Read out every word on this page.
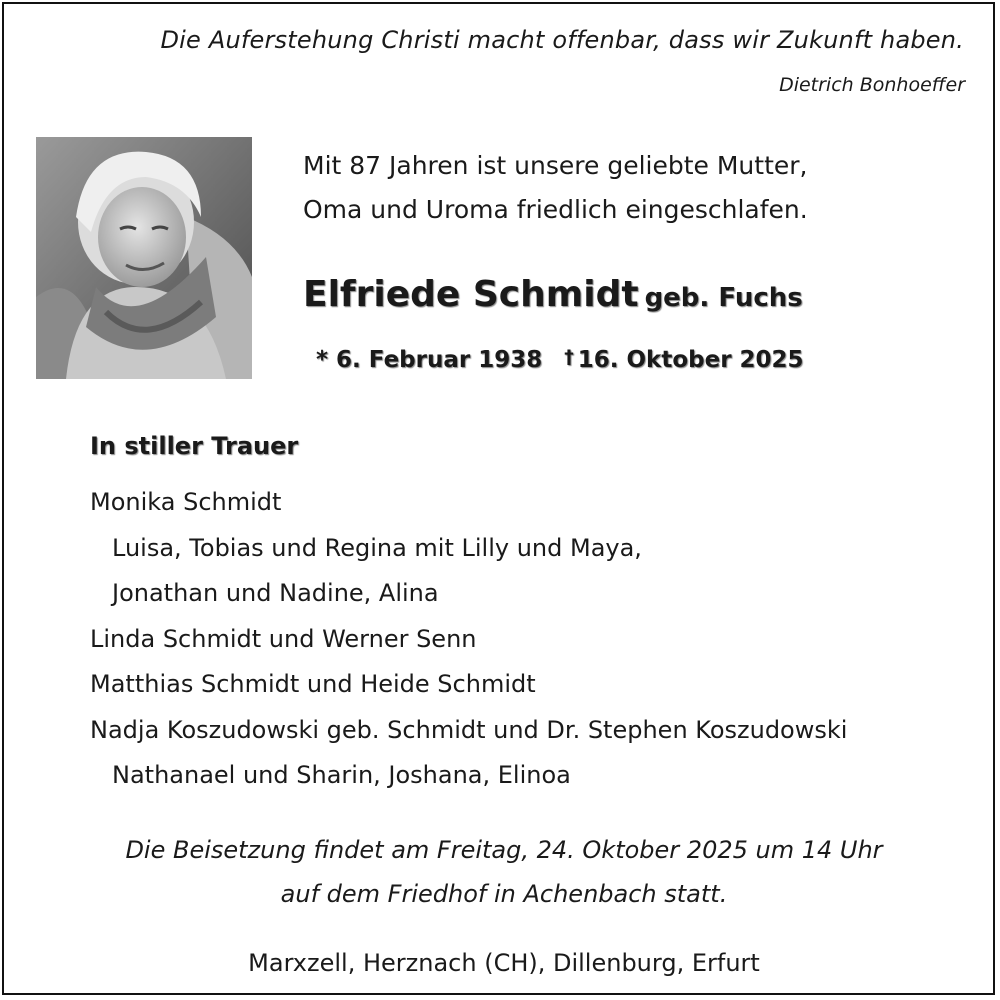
Die Auferstehung Christi macht offenbar, dass wir Zukunft haben.
Dietrich Bonhoeffer
Mit 87 Jahren ist unsere geliebte Mutter,
Oma und Uroma friedlich eingeschlafen.
Elfriede Schmidt geb. Fuchs
* 6. Februar 1938 † 16. Oktober 2025
In stiller Trauer
Monika Schmidt
Luisa, Tobias und Regina mit Lilly und Maya,
Jonathan und Nadine, Alina
Linda Schmidt und Werner Senn
Matthias Schmidt und Heide Schmidt
Nadja Koszudowski geb. Schmidt und Dr. Stephen Koszudowski
Nathanael und Sharin, Joshana, Elinoa
Die Beisetzung findet am Freitag, 24. Oktober 2025 um 14 Uhr
auf dem Friedhof in Achenbach statt.
Marxzell, Herznach (CH), Dillenburg, Erfurt
